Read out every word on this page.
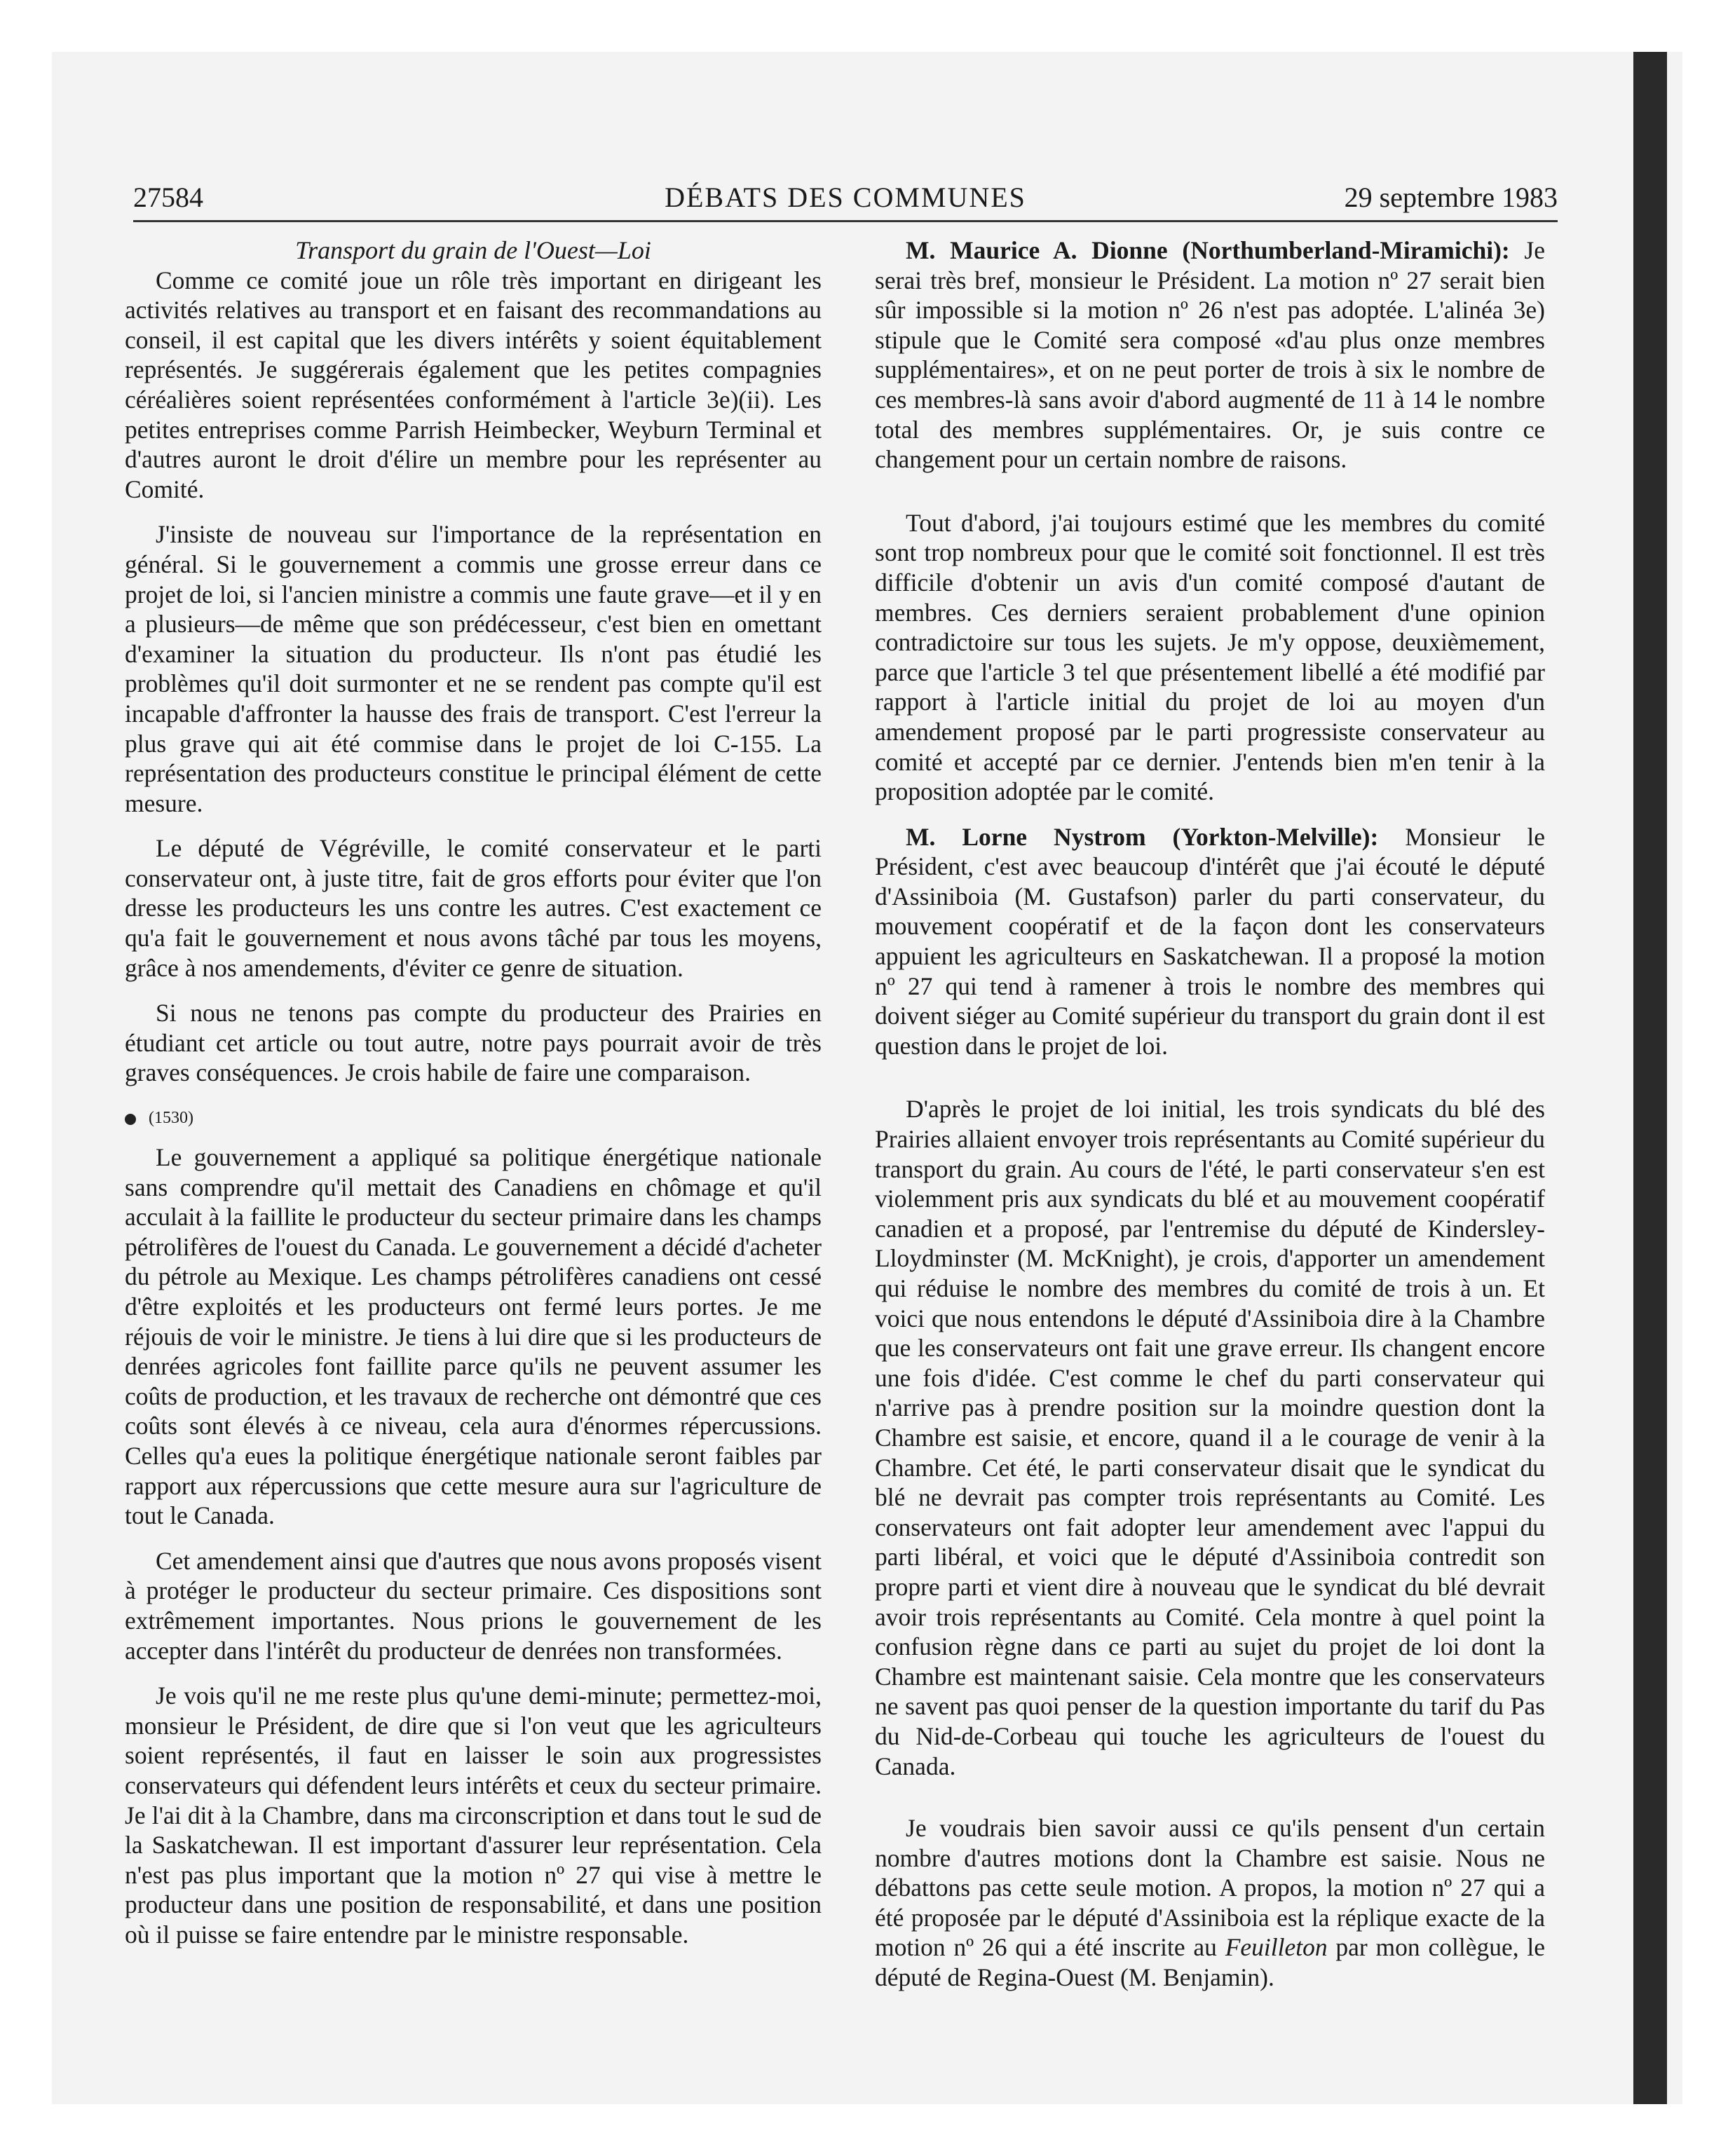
27584	DÉBATS DES COMMUNES	29 septembre 1983

Transport du grain de l'Ouest—Loi

Comme ce comité joue un rôle très important en dirigeant les activités relatives au transport et en faisant des recommandations au conseil, il est capital que les divers intérêts y soient équitablement représentés. Je suggérerais également que les petites compagnies céréalières soient représentées conformément à l'article 3e)(ii). Les petites entreprises comme Parrish Heimbecker, Weyburn Terminal et d'autres auront le droit d'élire un membre pour les représenter au Comité.

J'insiste de nouveau sur l'importance de la représentation en général. Si le gouvernement a commis une grosse erreur dans ce projet de loi, si l'ancien ministre a commis une faute grave—et il y en a plusieurs—de même que son prédécesseur, c'est bien en omettant d'examiner la situation du producteur. Ils n'ont pas étudié les problèmes qu'il doit surmonter et ne se rendent pas compte qu'il est incapable d'affronter la hausse des frais de transport. C'est l'erreur la plus grave qui ait été commise dans le projet de loi C-155. La représentation des producteurs constitue le principal élément de cette mesure.

Le député de Végréville, le comité conservateur et le parti conservateur ont, à juste titre, fait de gros efforts pour éviter que l'on dresse les producteurs les uns contre les autres. C'est exactement ce qu'a fait le gouvernement et nous avons tâché par tous les moyens, grâce à nos amendements, d'éviter ce genre de situation.

Si nous ne tenons pas compte du producteur des Prairies en étudiant cet article ou tout autre, notre pays pourrait avoir de très graves conséquences. Je crois habile de faire une comparaison.

(1530)

Le gouvernement a appliqué sa politique énergétique nationale sans comprendre qu'il mettait des Canadiens en chômage et qu'il acculait à la faillite le producteur du secteur primaire dans les champs pétrolifères de l'ouest du Canada. Le gouvernement a décidé d'acheter du pétrole au Mexique. Les champs pétrolifères canadiens ont cessé d'être exploités et les producteurs ont fermé leurs portes. Je me réjouis de voir le ministre. Je tiens à lui dire que si les producteurs de denrées agricoles font faillite parce qu'ils ne peuvent assumer les coûts de production, et les travaux de recherche ont démontré que ces coûts sont élevés à ce niveau, cela aura d'énormes répercussions. Celles qu'a eues la politique énergétique nationale seront faibles par rapport aux répercussions que cette mesure aura sur l'agriculture de tout le Canada.

Cet amendement ainsi que d'autres que nous avons proposés visent à protéger le producteur du secteur primaire. Ces dispositions sont extrêmement importantes. Nous prions le gouvernement de les accepter dans l'intérêt du producteur de denrées non transformées.

Je vois qu'il ne me reste plus qu'une demi-minute; permettez-moi, monsieur le Président, de dire que si l'on veut que les agriculteurs soient représentés, il faut en laisser le soin aux progressistes conservateurs qui défendent leurs intérêts et ceux du secteur primaire. Je l'ai dit à la Chambre, dans ma circonscription et dans tout le sud de la Saskatchewan. Il est important d'assurer leur représentation. Cela n'est pas plus important que la motion nº 27 qui vise à mettre le producteur dans une position de responsabilité, et dans une position où il puisse se faire entendre par le ministre responsable.

M. Maurice A. Dionne (Northumberland-Miramichi): Je serai très bref, monsieur le Président. La motion nº 27 serait bien sûr impossible si la motion nº 26 n'est pas adoptée. L'alinéa 3e) stipule que le Comité sera composé «d'au plus onze membres supplémentaires», et on ne peut porter de trois à six le nombre de ces membres-là sans avoir d'abord augmenté de 11 à 14 le nombre total des membres supplémentaires. Or, je suis contre ce changement pour un certain nombre de raisons.

Tout d'abord, j'ai toujours estimé que les membres du comité sont trop nombreux pour que le comité soit fonctionnel. Il est très difficile d'obtenir un avis d'un comité composé d'autant de membres. Ces derniers seraient probablement d'une opinion contradictoire sur tous les sujets. Je m'y oppose, deuxièmement, parce que l'article 3 tel que présentement libellé a été modifié par rapport à l'article initial du projet de loi au moyen d'un amendement proposé par le parti progressiste conservateur au comité et accepté par ce dernier. J'entends bien m'en tenir à la proposition adoptée par le comité.

M. Lorne Nystrom (Yorkton-Melville): Monsieur le Président, c'est avec beaucoup d'intérêt que j'ai écouté le député d'Assiniboia (M. Gustafson) parler du parti conservateur, du mouvement coopératif et de la façon dont les conservateurs appuient les agriculteurs en Saskatchewan. Il a proposé la motion nº 27 qui tend à ramener à trois le nombre des membres qui doivent siéger au Comité supérieur du transport du grain dont il est question dans le projet de loi.

D'après le projet de loi initial, les trois syndicats du blé des Prairies allaient envoyer trois représentants au Comité supérieur du transport du grain. Au cours de l'été, le parti conservateur s'en est violemment pris aux syndicats du blé et au mouvement coopératif canadien et a proposé, par l'entremise du député de Kindersley-Lloydminster (M. McKnight), je crois, d'apporter un amendement qui réduise le nombre des membres du comité de trois à un. Et voici que nous entendons le député d'Assiniboia dire à la Chambre que les conservateurs ont fait une grave erreur. Ils changent encore une fois d'idée. C'est comme le chef du parti conservateur qui n'arrive pas à prendre position sur la moindre question dont la Chambre est saisie, et encore, quand il a le courage de venir à la Chambre. Cet été, le parti conservateur disait que le syndicat du blé ne devrait pas compter trois représentants au Comité. Les conservateurs ont fait adopter leur amendement avec l'appui du parti libéral, et voici que le député d'Assiniboia contredit son propre parti et vient dire à nouveau que le syndicat du blé devrait avoir trois représentants au Comité. Cela montre à quel point la confusion règne dans ce parti au sujet du projet de loi dont la Chambre est maintenant saisie. Cela montre que les conservateurs ne savent pas quoi penser de la question importante du tarif du Pas du Nid-de-Corbeau qui touche les agriculteurs de l'ouest du Canada.

Je voudrais bien savoir aussi ce qu'ils pensent d'un certain nombre d'autres motions dont la Chambre est saisie. Nous ne débattons pas cette seule motion. A propos, la motion nº 27 qui a été proposée par le député d'Assiniboia est la réplique exacte de la motion nº 26 qui a été inscrite au Feuilleton par mon collègue, le député de Regina-Ouest (M. Benjamin).
